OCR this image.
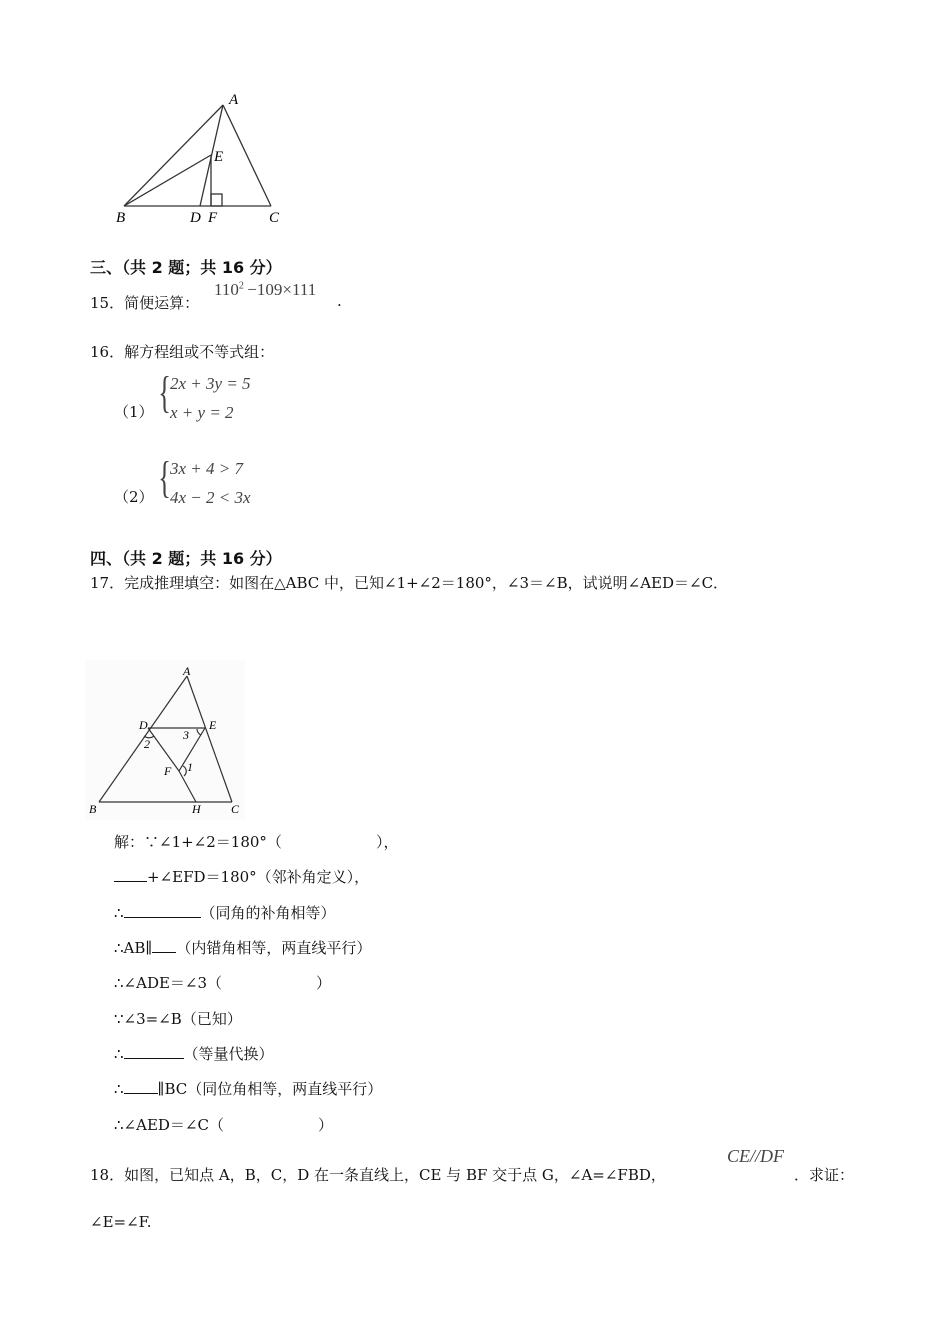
A
E
B	D F	C
三、（共 2 题；共 16 分）
15．简便运算：
$110^2 -109\times 111$
.
16．解方程组或不等式组：
（1） { 2x + 3y = 5
x + y = 2
（2） { 3x + 4 > 7
4x − 2 < 3x
四、（共 2 题；共 16 分）
17．完成推理填空：如图在△ABC 中，已知∠1+∠2＝180°，∠3＝∠B，试说明∠AED＝∠C．
A
D	E
2
3
1
F
B	H	C
解：∵∠1+∠2＝180°（	），
+∠EFD＝180°（邻补角定义），
∴	（同角的补角相等）
∴AB∥ （内错角相等，两直线平行）
∴∠ADE＝∠3（	）
∵∠3=∠B（已知）
∴	（等量代换）
∴ ∥BC（同位角相等，两直线平行）
∴∠AED＝∠C（	）
18．如图，已知点 A，B，C，D 在一条直线上，CE 与 BF 交于点 G，∠A=∠FBD，
CE//DF
．求证：
∠E=∠F.
